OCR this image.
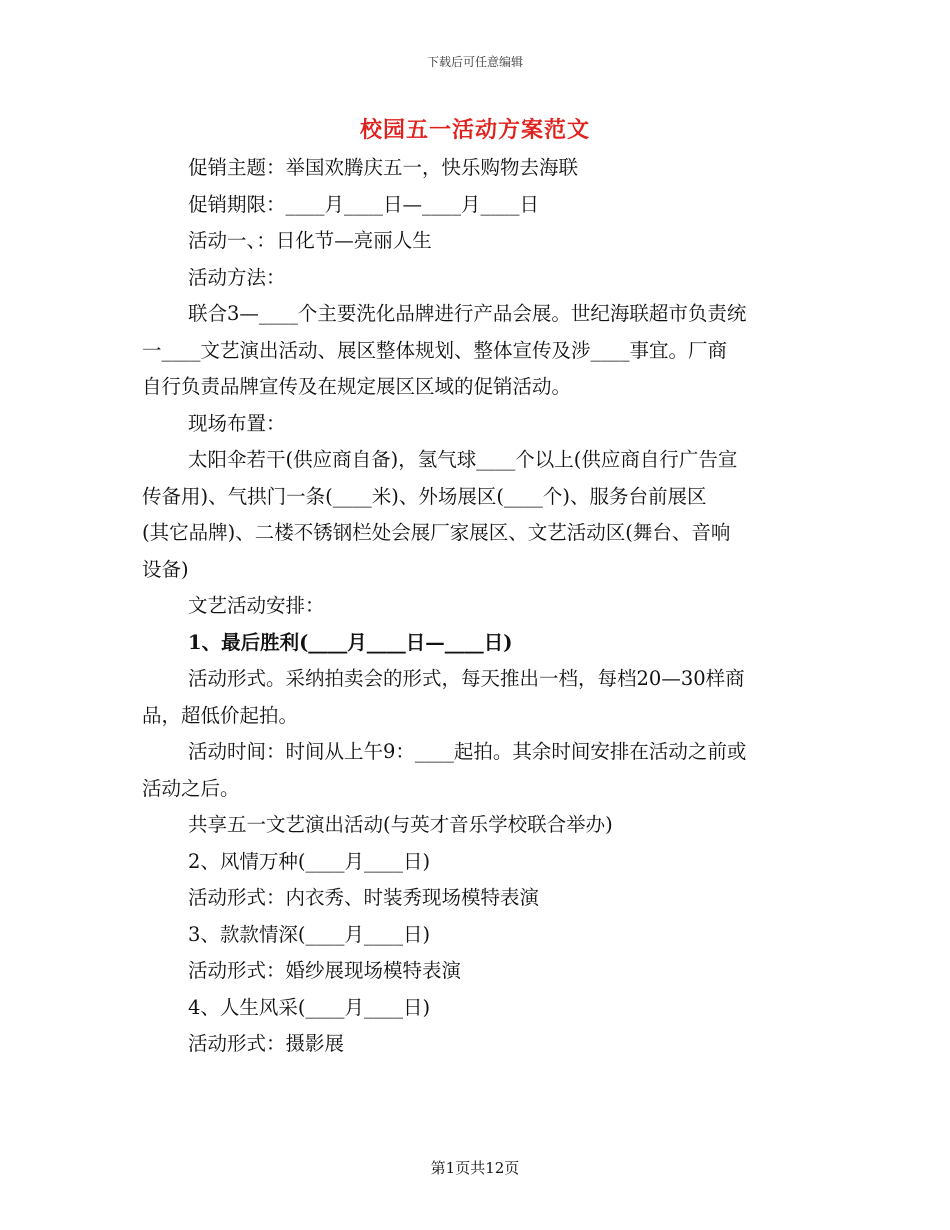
下载后可任意编辑
校园五一活动方案范文

促销主题：举国欢腾庆五一，快乐购物去海联

促销期限：____月____日—____月____日

活动一、：日化节—亮丽人生

活动方法：

联合3—____个主要洗化品牌进行产品会展。世纪海联超市负责统

一____文艺演出活动、展区整体规划、整体宣传及涉____事宜。厂商

自行负责品牌宣传及在规定展区区域的促销活动。

现场布置：

太阳伞若干(供应商自备)，氢气球____个以上(供应商自行广告宣

传备用)、气拱门一条(____米)、外场展区(____个)、服务台前展区

(其它品牌)、二楼不锈钢栏处会展厂家展区、文艺活动区(舞台、音响

设备)

文艺活动安排：

1、最后胜利(____月____日—____日)

活动形式。采纳拍卖会的形式，每天推出一档，每档20—30样商

品，超低价起拍。

活动时间：时间从上午9：____起拍。其余时间安排在活动之前或

活动之后。

共享五一文艺演出活动(与英才音乐学校联合举办)

2、风情万种(____月____日)

活动形式：内衣秀、时装秀现场模特表演

3、款款情深(____月____日)

活动形式：婚纱展现场模特表演

4、人生风采(____月____日)

活动形式：摄影展

第1页共12页
